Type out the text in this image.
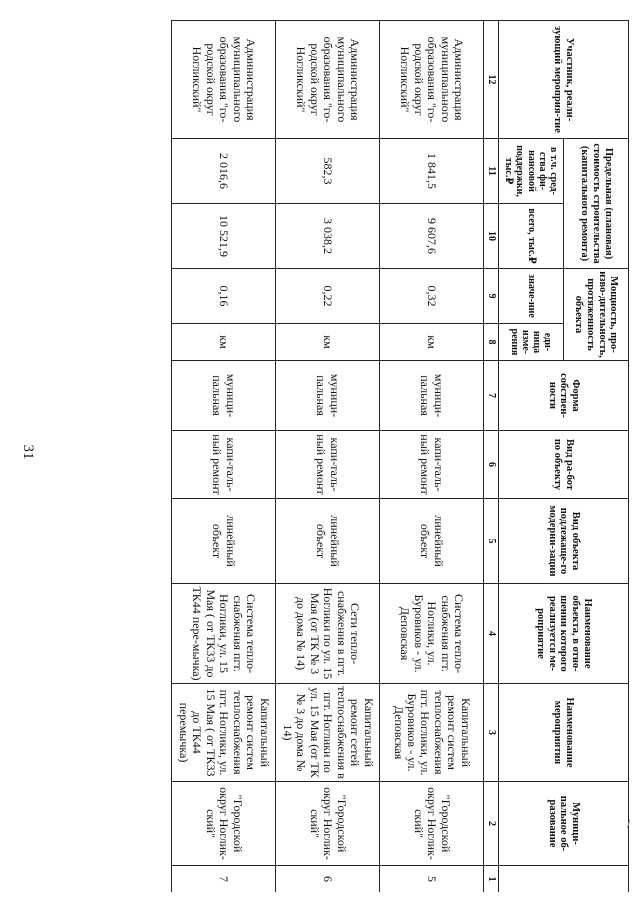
31
Участник, реали-зующий мероприя-тие	Предельная (плановая) стоимость строительства (капитального ремонта)		Мощность, про-изво-дительность, протяженность объекта		Форма собствен-ности	Вид ра-бот по объекту	Вид объекта подлежаще-го модерни-зации	Наименование объекта, в отно-шении которого реализуется ме-роприятие	Наименование мероприятия	Муници-пальное об-разование	
	в т.ч. сред-ства фи-нансовой поддержки, тыс.₽	всего, тыс.₽	значе-ние	еди-ница изме-рения							
12	11	10	9	8	7	6	5	4	3	2	1
Администрация муниципального образования "го-родской округ Ногликский"	1 841,5	9 607,6	0,32	км	муници-пальная	капи-таль-ный ремонт	линейный объект	Система тепло-снабжения пгт. Ноглики, ул. Буровиков - ул. Деповская	Капитальный ремонт систем теплоснабжения пгт. Ноглики, ул. Буровиков - ул. Деповская	"Городской округ Ноглик-ский"	5
Администрация муниципального образования "го-родской округ Ногликский"	582,3	3 038,2	0,22	км	муници-пальная	капи-таль-ный ремонт	линейный объект	Сети тепло-снабжения в пгт. Ноглики по ул. 15 Мая (от ТК № 3 до дома № 14)	Капитальный ремонт сетей теплоснабжения в пгт. Ноглики по ул. 15 Мая (от ТК № 3 до дома № 14)	"Городской округ Ноглик-ский"	6
Администрация муниципального образования "го-родской округ Ногликский"	2 016,6	10 521,9	0,16	км	муници-пальная	капи-таль-ный ремонт	линейный объект	Система тепло-снабжения пгт. Ноглики, ул. 15 Мая ( от ТК33 до ТК44 пере-мычка)	Капитальный ремонт систем теплоснабжения пгт. Ноглики, ул. 15 Мая ( от ТК33 до ТК44 перемычка)	"Городской округ Ноглик-ский"	7
